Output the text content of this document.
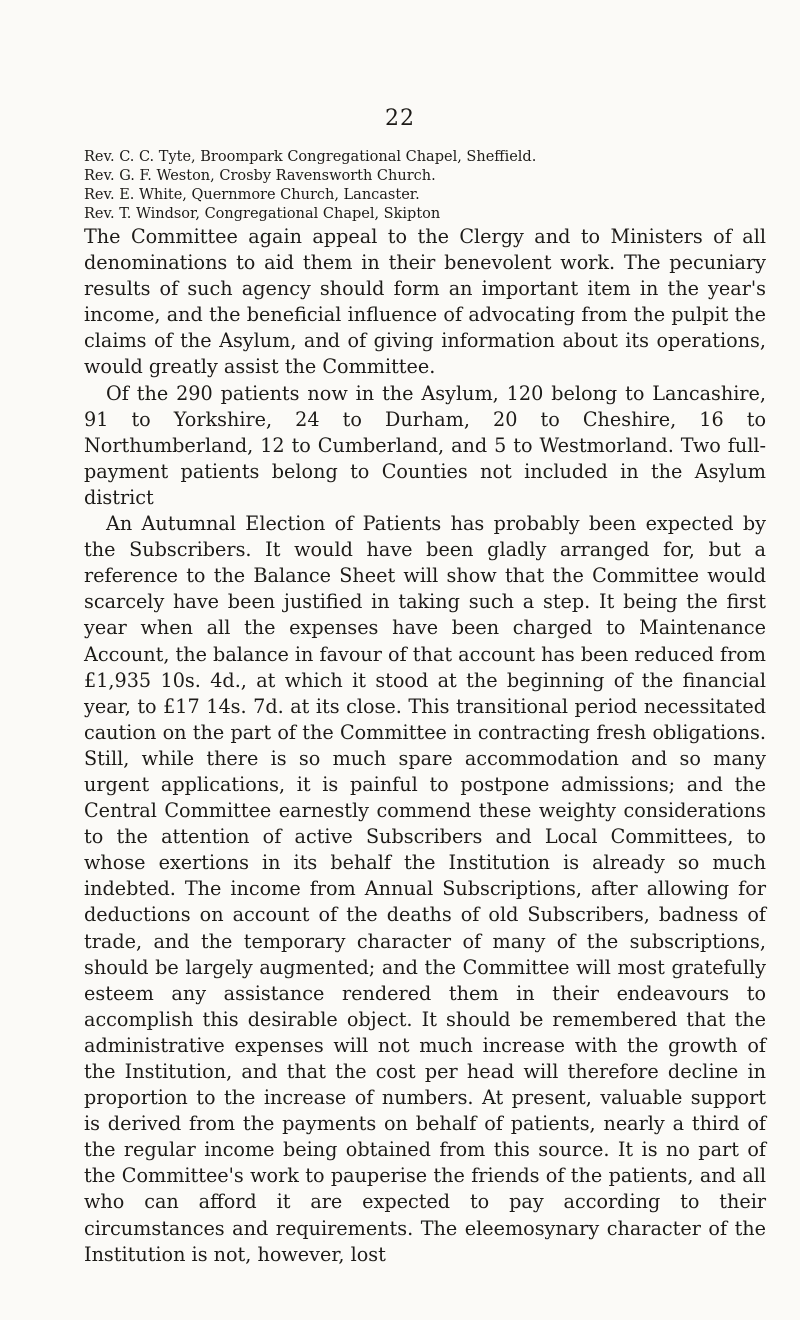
22
Rev. C. C. Tyte, Broompark Congregational Chapel, Sheffield.
Rev. G. F. Weston, Crosby Ravensworth Church.
Rev. E. White, Quernmore Church, Lancaster.
Rev. T. Windsor, Congregational Chapel, Skipton

The Committee again appeal to the Clergy and to Ministers of all denominations to aid them in their benevolent work. The pecuniary results of such agency should form an important item in the year's income, and the beneficial influence of advocating from the pulpit the claims of the Asylum, and of giving information about its operations, would greatly assist the Committee.

Of the 290 patients now in the Asylum, 120 belong to Lancashire, 91 to Yorkshire, 24 to Durham, 20 to Cheshire, 16 to Northumberland, 12 to Cumberland, and 5 to Westmorland. Two full-payment patients belong to Counties not included in the Asylum district

An Autumnal Election of Patients has probably been expected by the Subscribers. It would have been gladly arranged for, but a reference to the Balance Sheet will show that the Committee would scarcely have been justified in taking such a step. It being the first year when all the expenses have been charged to Maintenance Account, the balance in favour of that account has been reduced from £1,935 10s. 4d., at which it stood at the beginning of the financial year, to £17 14s. 7d. at its close. This transitional period necessitated caution on the part of the Committee in contracting fresh obligations. Still, while there is so much spare accommodation and so many urgent applications, it is painful to postpone admissions; and the Central Committee earnestly commend these weighty considerations to the attention of active Subscribers and Local Committees, to whose exertions in its behalf the Institution is already so much indebted. The income from Annual Subscriptions, after allowing for deductions on account of the deaths of old Subscribers, badness of trade, and the temporary character of many of the subscriptions, should be largely augmented; and the Committee will most gratefully esteem any assistance rendered them in their endeavours to accomplish this desirable object. It should be remembered that the administrative expenses will not much increase with the growth of the Institution, and that the cost per head will therefore decline in proportion to the increase of numbers. At present, valuable support is derived from the payments on behalf of patients, nearly a third of the regular income being obtained from this source. It is no part of the Committee's work to pauperise the friends of the patients, and all who can afford it are expected to pay according to their circumstances and requirements. The eleemosynary character of the Institution is not, however, lost
